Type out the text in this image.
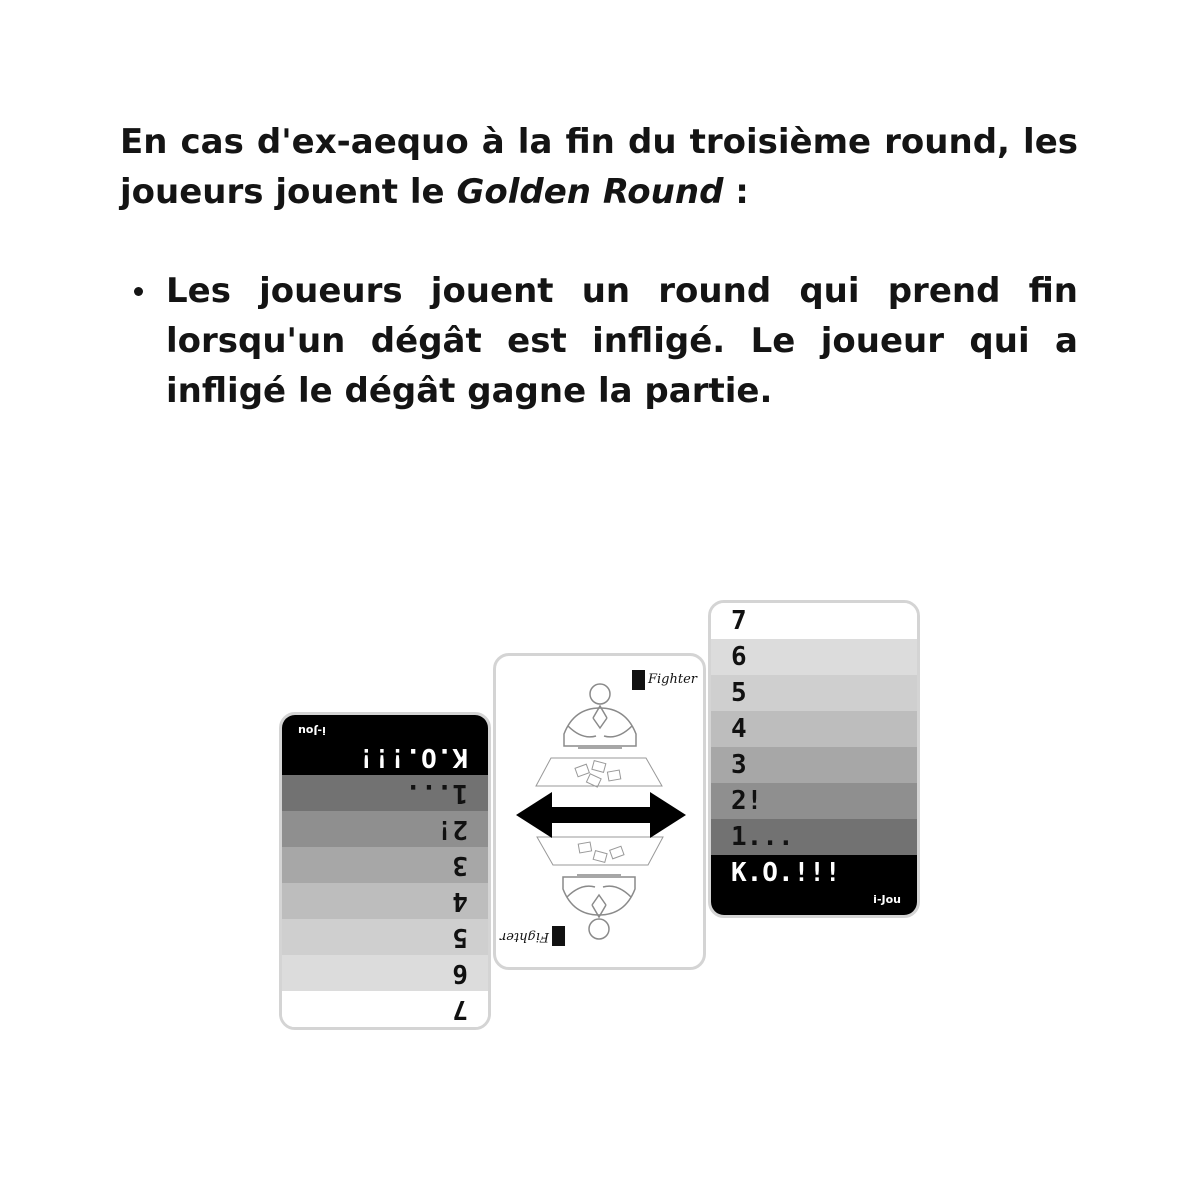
En cas d'ex-aequo à la fin du troisième round, les joueurs jouent le Golden Round :

Les joueurs jouent un round qui prend fin lorsqu'un dégât est infligé. Le joueur qui a infligé le dégât gagne la partie.
7
6
5
4
3
2!
1...
K.O.!!!
i-Jou
Fighter
Fighter
7
6
5
4
3
2!
1...
K.O.!!!
i-Jou
